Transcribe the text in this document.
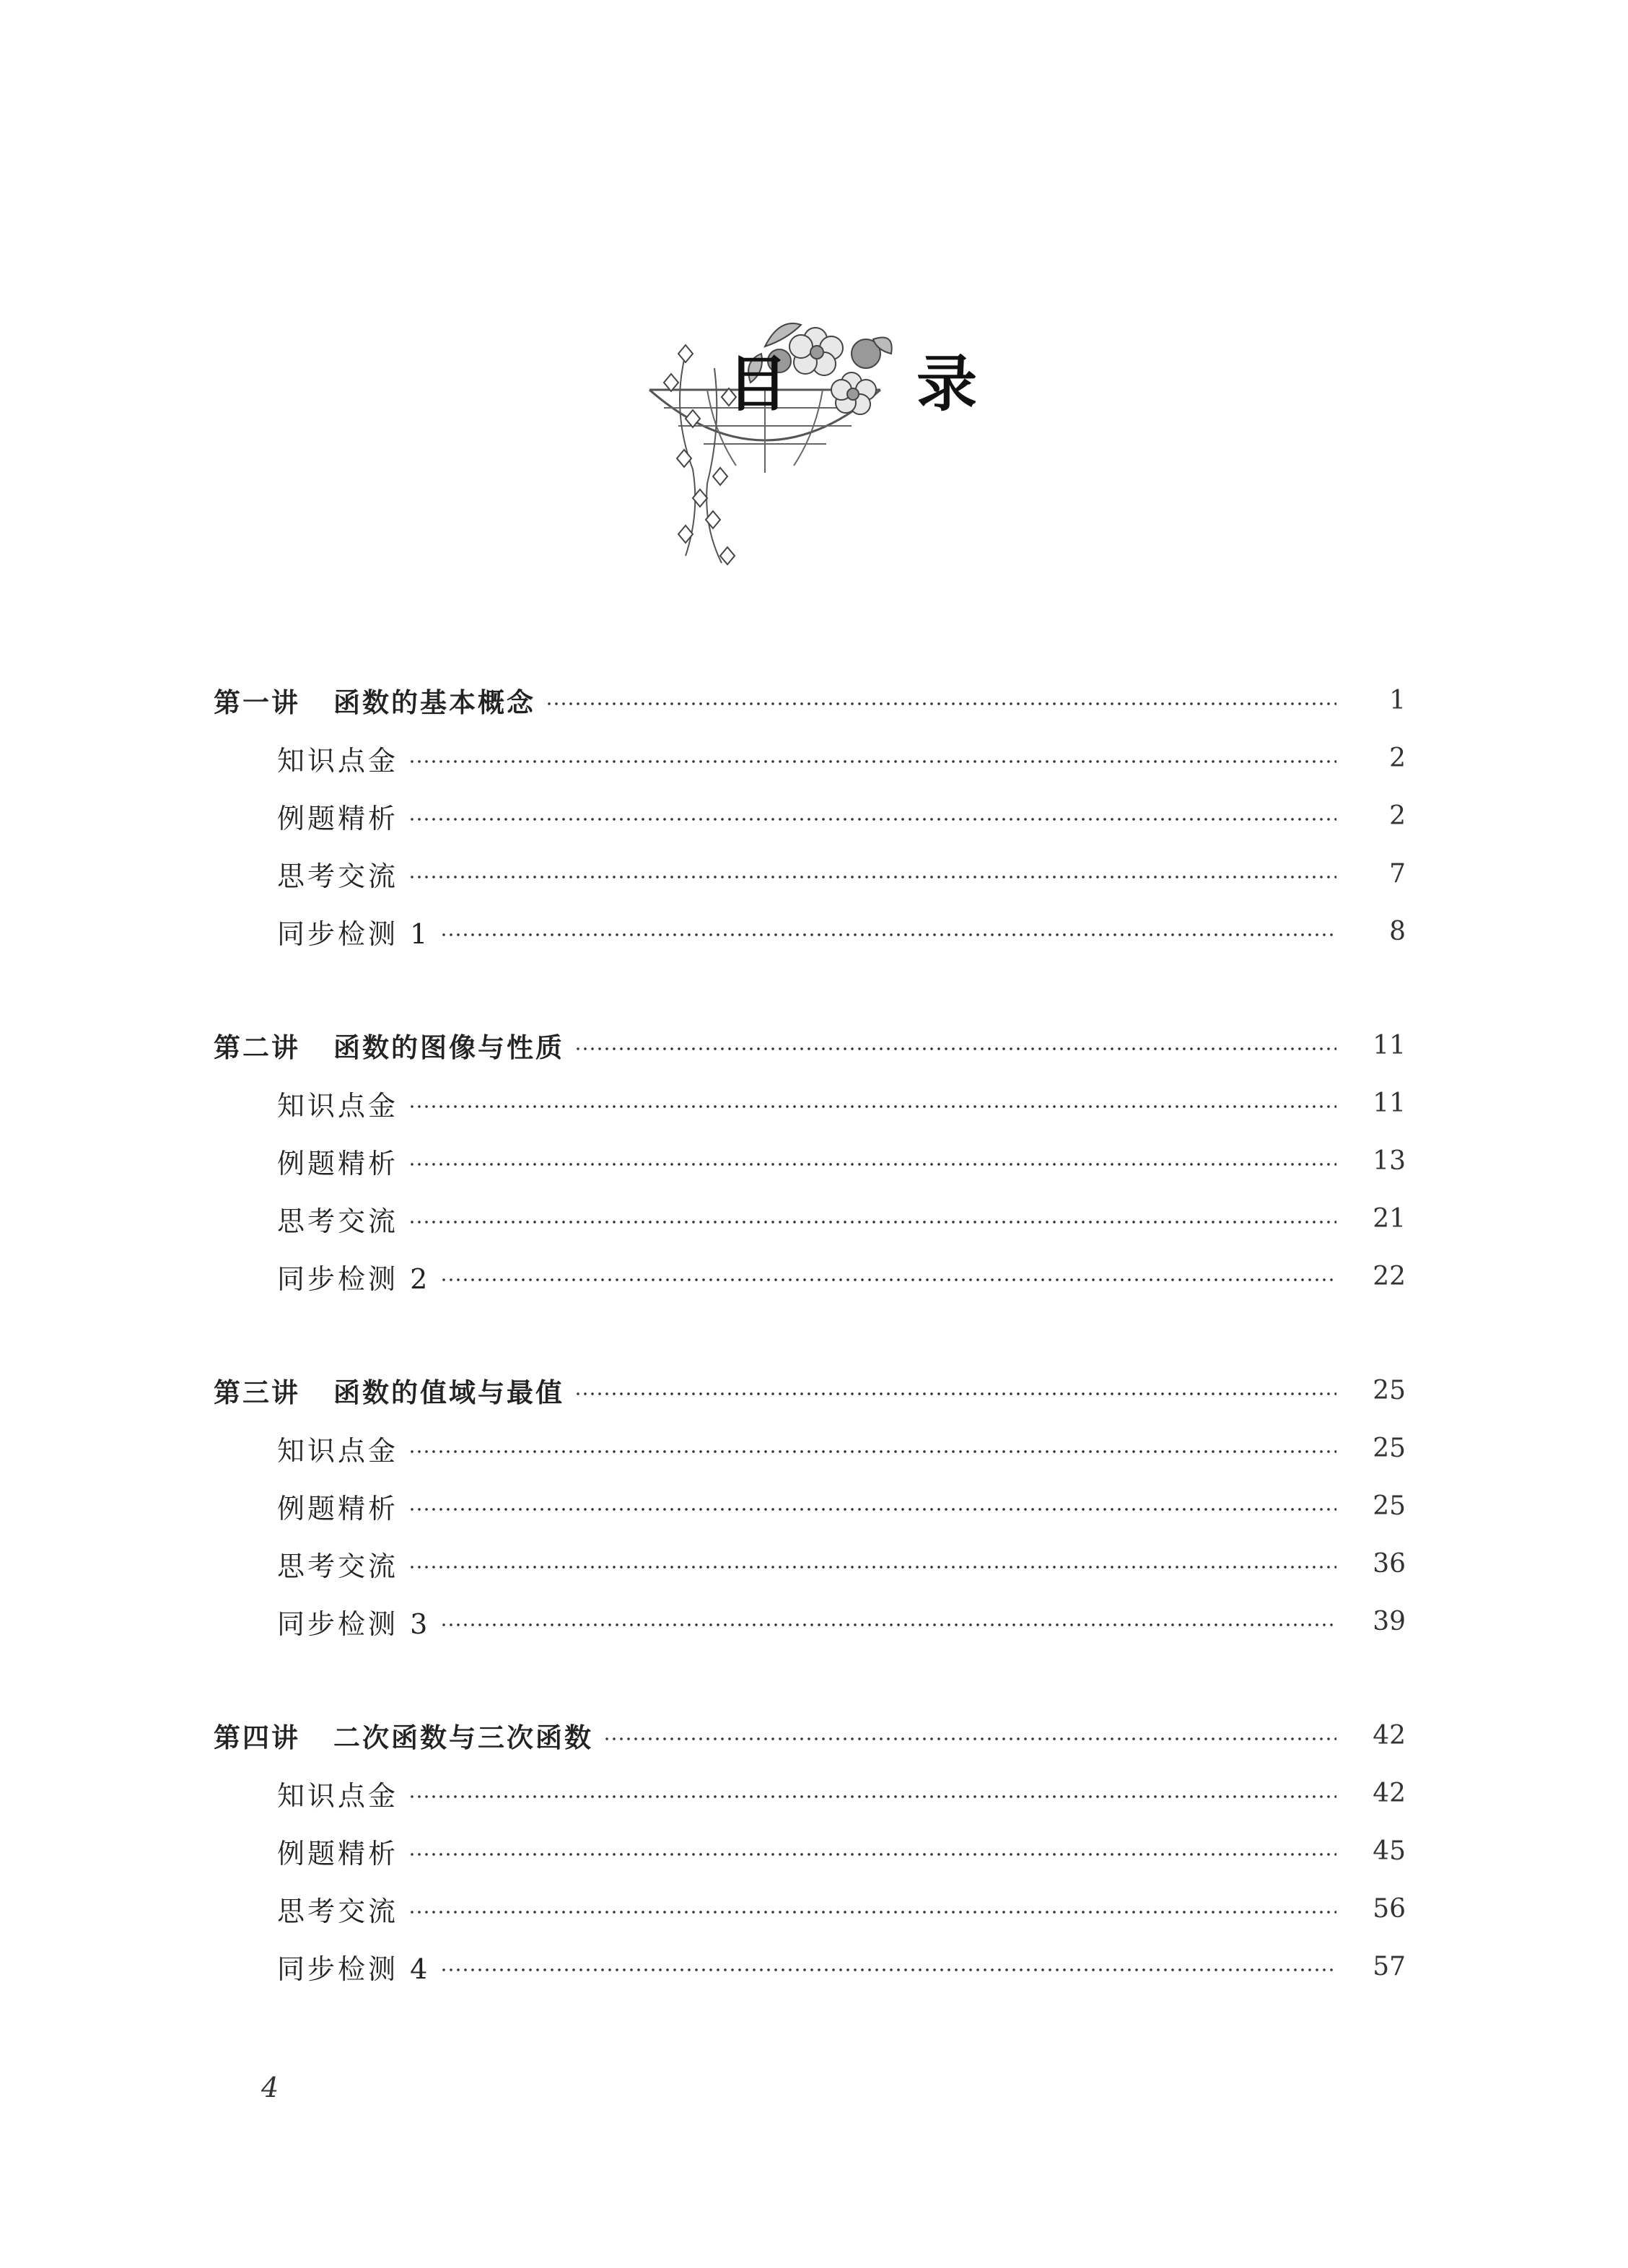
目 录
第一讲 函数的基本概念	1
知识点金	2
例题精析	2
思考交流	7
同步检测 1	8
第二讲 函数的图像与性质	11
知识点金	11
例题精析	13
思考交流	21
同步检测 2	22
第三讲 函数的值域与最值	25
知识点金	25
例题精析	25
思考交流	36
同步检测 3	39
第四讲 二次函数与三次函数	42
知识点金	42
例题精析	45
思考交流	56
同步检测 4	57
4
